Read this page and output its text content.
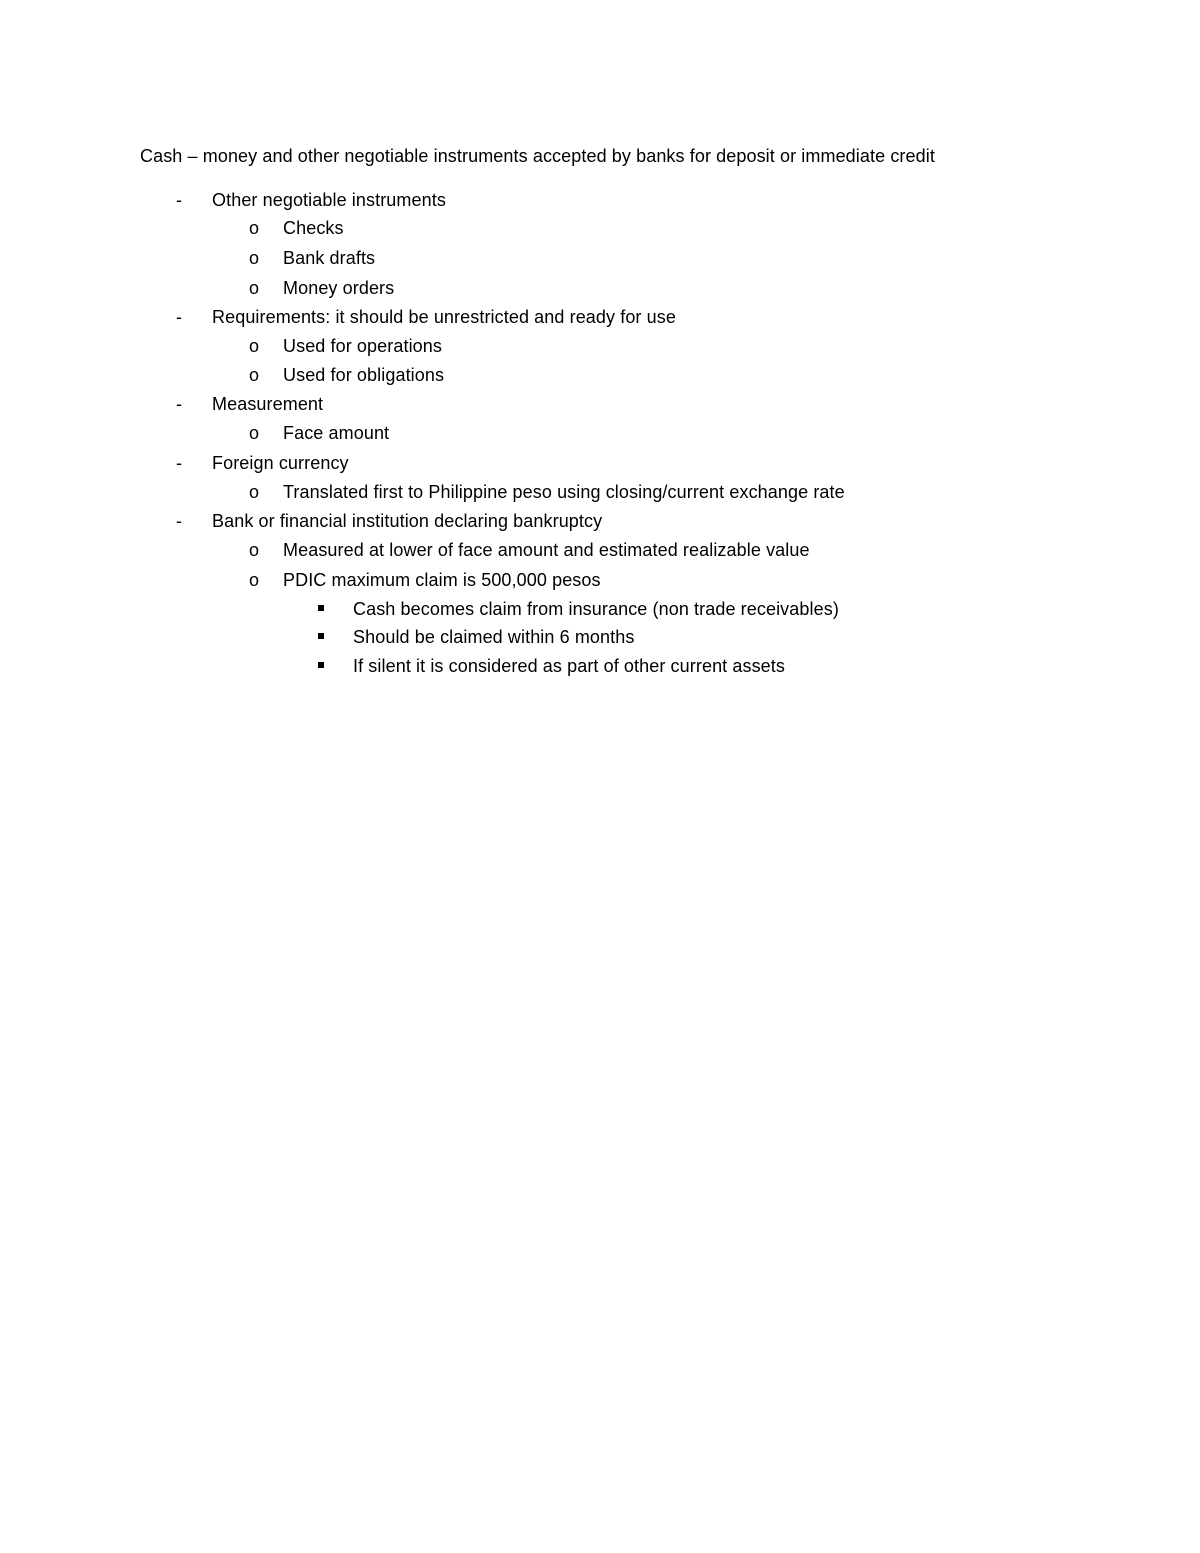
Cash – money and other negotiable instruments accepted by banks for deposit or immediate credit
- Other negotiable instruments
o Checks
o Bank drafts
o Money orders
- Requirements: it should be unrestricted and ready for use
o Used for operations
o Used for obligations
- Measurement
o Face amount
- Foreign currency
o Translated first to Philippine peso using closing/current exchange rate
- Bank or financial institution declaring bankruptcy
o Measured at lower of face amount and estimated realizable value
o PDIC maximum claim is 500,000 pesos
Cash becomes claim from insurance (non trade receivables)
Should be claimed within 6 months
If silent it is considered as part of other current assets
